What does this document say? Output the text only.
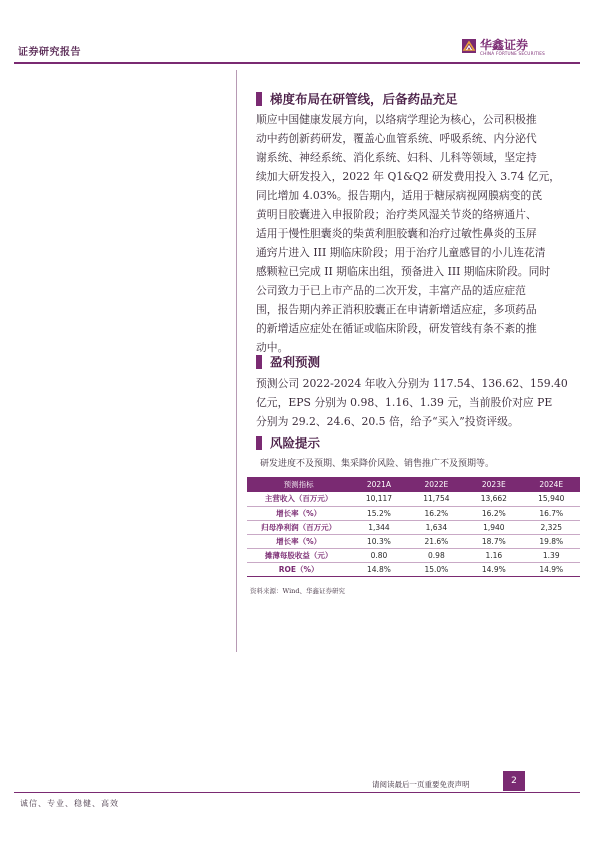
证券研究报告
华鑫证券
CHINA FORTUNE SECURITIES
梯度布局在研管线，后备药品充足
顺应中国健康发展方向，以络病学理论为核心，公司积极推
动中药创新药研发，覆盖心血管系统、呼吸系统、内分泌代
谢系统、神经系统、消化系统、妇科、儿科等领域，坚定持
续加大研发投入，2022 年 Q1&Q2 研发费用投入 3.74 亿元，
同比增加 4.03%。报告期内，适用于糖尿病视网膜病变的芪
黄明目胶囊进入申报阶段；治疗类风湿关节炎的络痹通片、
适用于慢性胆囊炎的柴黄利胆胶囊和治疗过敏性鼻炎的玉屏
通窍片进入 III 期临床阶段；用于治疗儿童感冒的小儿连花清
感颗粒已完成 II 期临床出组，预备进入 III 期临床阶段。同时
公司致力于已上市产品的二次开发，丰富产品的适应症范
围，报告期内养正消积胶囊正在申请新增适应症，多项药品
的新增适应症处在循证或临床阶段，研发管线有条不紊的推
动中。
盈利预测
预测公司 2022-2024 年收入分别为 117.54、136.62、159.40
亿元，EPS 分别为 0.98、1.16、1.39 元，当前股价对应 PE
分别为 29.2、24.6、20.5 倍，给予“买入”投资评级。
风险提示
研发进度不及预期、集采降价风险、销售推广不及预期等。
预测指标	2021A	2022E	2023E	2024E
主营收入（百万元）	10,117	11,754	13,662	15,940
增长率（%）	15.2%	16.2%	16.2%	16.7%
归母净利润（百万元）	1,344	1,634	1,940	2,325
增长率（%）	10.3%	21.6%	18.7%	19.8%
摊薄每股收益（元）	0.80	0.98	1.16	1.39
ROE（%）	14.8%	15.0%	14.9%	14.9%
资料来源：Wind、华鑫证券研究
请阅读最后一页重要免责声明	2
诚信、专业、稳健、高效
